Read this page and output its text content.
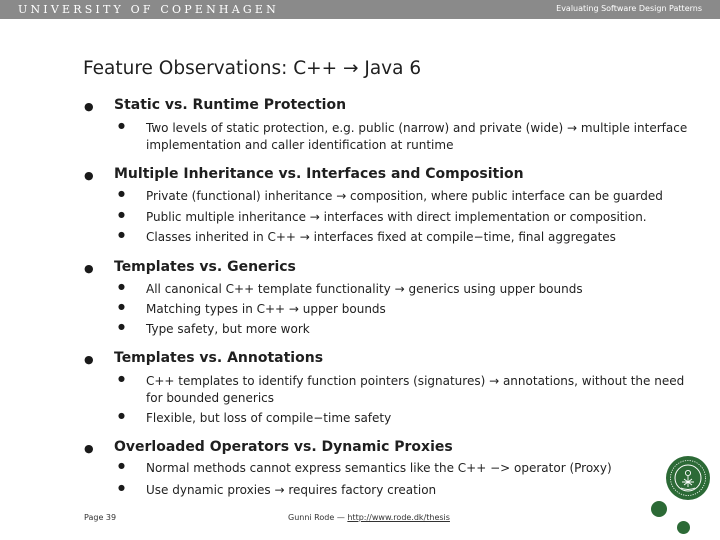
UNIVERSITY OF COPENHAGEN	Evaluating Software Design Patterns
Feature Observations: C++ → Java 6
● Static vs. Runtime Protection
● Two levels of static protection, e.g. public (narrow) and private (wide) → multiple interface implementation and caller identification at runtime
● Multiple Inheritance vs. Interfaces and Composition
● Private (functional) inheritance → composition, where public interface can be guarded
● Public multiple inheritance → interfaces with direct implementation or composition.
● Classes inherited in C++ → interfaces fixed at compile−time, final aggregates
● Templates vs. Generics
● All canonical C++ template functionality → generics using upper bounds
● Matching types in C++ → upper bounds
● Type safety, but more work
● Templates vs. Annotations
● C++ templates to identify function pointers (signatures) → annotations, without the need for bounded generics
● Flexible, but loss of compile−time safety
● Overloaded Operators vs. Dynamic Proxies
● Normal methods cannot express semantics like the C++ −> operator (Proxy)
● Use dynamic proxies → requires factory creation
Page 39	Gunni Rode — http://www.rode.dk/thesis
